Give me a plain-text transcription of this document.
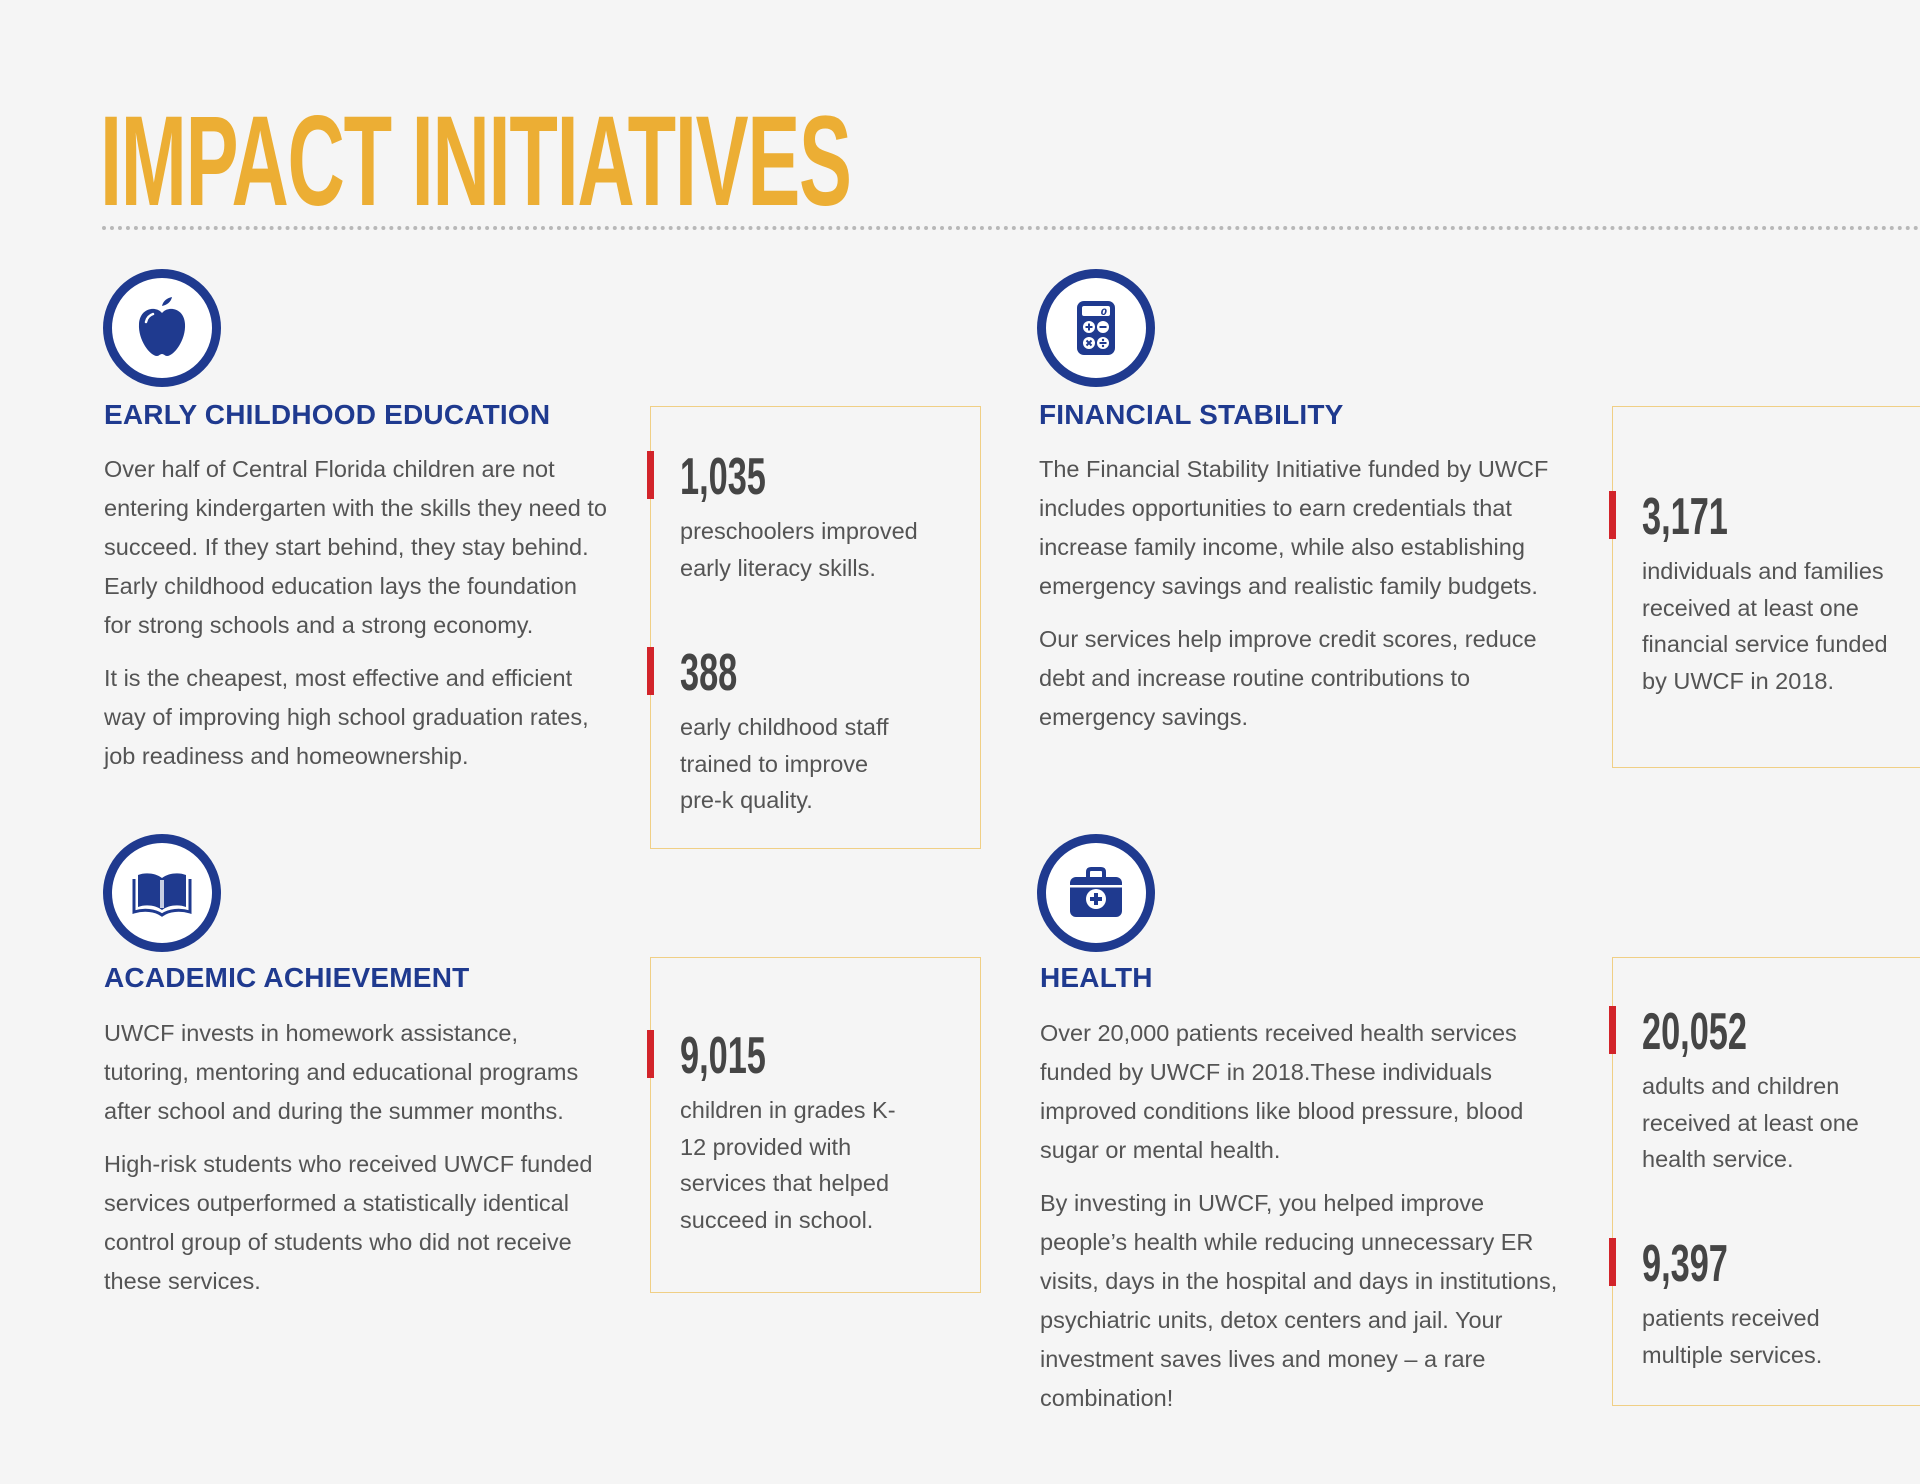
IMPACT INITIATIVES
EARLY CHILDHOOD EDUCATION

Over half of Central Florida children are not entering kindergarten with the skills they need to succeed. If they start behind, they stay behind. Early childhood education lays the foundation for strong schools and a strong economy.

It is the cheapest, most effective and efficient way of improving high school graduation rates, job readiness and homeownership.

1,035

preschoolers improved early literacy skills.

388

early childhood staff trained to improve pre-k quality.

0
FINANCIAL STABILITY

The Financial Stability Initiative funded by UWCF includes opportunities to earn credentials that increase family income, while also establishing emergency savings and realistic family budgets.

Our services help improve credit scores, reduce debt and increase routine contributions to emergency savings.

3,171

individuals and families received at least one financial service funded by UWCF in 2018.

ACADEMIC ACHIEVEMENT

UWCF invests in homework assistance, tutoring, mentoring and educational programs after school and during the summer months.

High-risk students who received UWCF funded services outperformed a statistically identical control group of students who did not receive these services.

9,015

children in grades K-12 provided with services that helped succeed in school.

HEALTH

Over 20,000 patients received health services funded by UWCF in 2018.These individuals improved conditions like blood pressure, blood sugar or mental health.

By investing in UWCF, you helped improve people’s health while reducing unnecessary ER visits, days in the hospital and days in institutions, psychiatric units, detox centers and jail. Your investment saves lives and money – a rare combination!

20,052

adults and children received at least one health service.

9,397

patients received multiple services.
